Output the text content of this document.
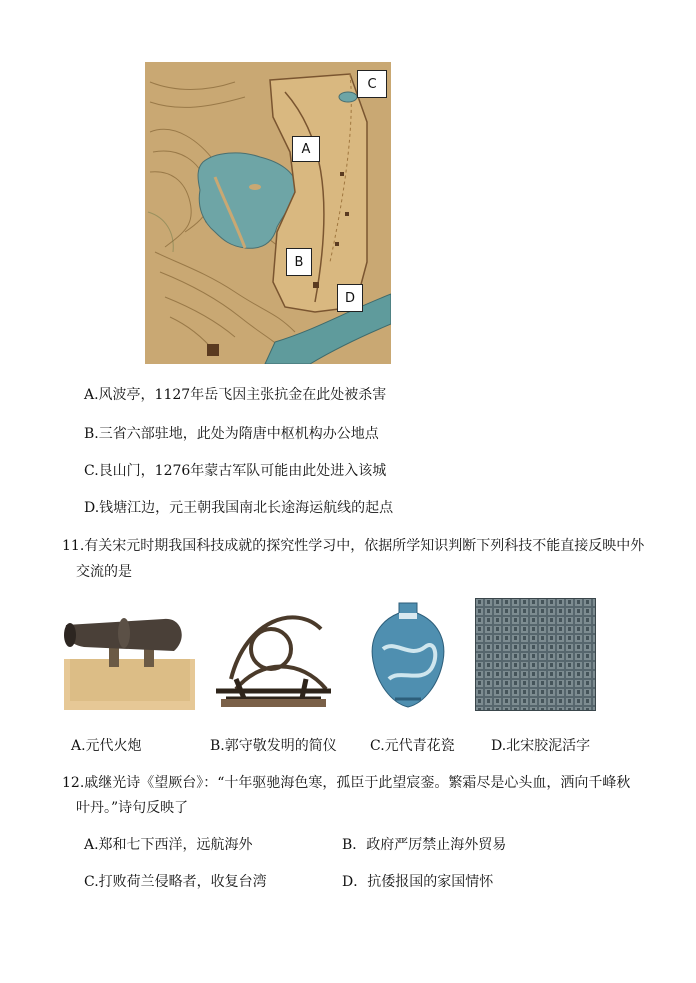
C
A
B
D
A.风波亭，1127年岳飞因主张抗金在此处被杀害
B.三省六部驻地，此处为隋唐中枢机构办公地点
C.艮山门，1276年蒙古军队可能由此处进入该城
D.钱塘江边，元王朝我国南北长途海运航线的起点
11.有关宋元时期我国科技成就的探究性学习中，依据所学知识判断下列科技不能直接反映中外
交流的是
A.元代火炮	B.郭守敬发明的简仪 C.元代青花瓷	D.北宋胶泥活字
12.戚继光诗《望厥台》：“十年驱驰海色寒，孤臣于此望宸銮。繁霜尽是心头血，洒向千峰秋
叶丹。”诗句反映了
A.郑和七下西洋，远航海外	B．政府严厉禁止海外贸易
C.打败荷兰侵略者，收复台湾	D．抗倭报国的家国情怀
